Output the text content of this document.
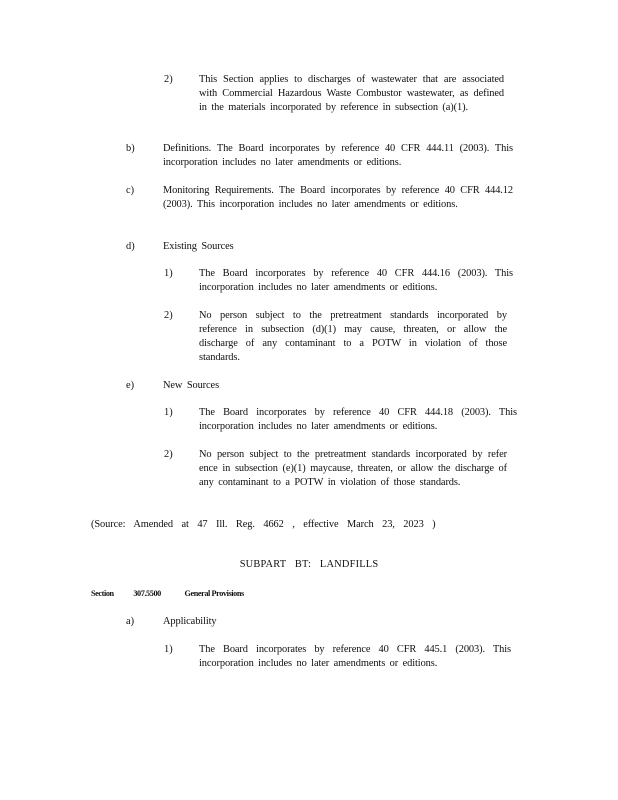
2)	This Section applies to discharges of wastewater that are associated with Commercial Hazardous Waste Combustor wastewater, as defined in the materials incorporated by reference in subsection (a)(1).
b)	Definitions. The Board incorporates by reference 40 CFR 444.11 (2003). This incorporation includes no later amendments or editions.
c)	Monitoring Requirements. The Board incorporates by reference 40 CFR 444.12 (2003). This incorporation includes no later amendments or editions.
d)	Existing Sources
1)	The Board incorporates by reference 40 CFR 444.16 (2003). This incorporation includes no later amendments or editions.
2)	No person subject to the pretreatment standards incorporated by reference in subsection (d)(1) may cause, threaten, or allow the discharge of any contaminant to a POTW in violation of those standards.
e)	New Sources
1)	The Board incorporates by reference 40 CFR 444.18 (2003). This incorporation includes no later amendments or editions.
2)	No person subject to the pretreatment standards incorporated by refer ence in subsection (e)(1) maycause, threaten, or allow the discharge of any contaminant to a POTW in violation of those standards.
(Source: Amended at 47 Ill. Reg. 4662 , effective March 23, 2023 )
SUBPART BT: LANDFILLS
Section 307.5500	General Provisions
a)	Applicability
1)	The Board incorporates by reference 40 CFR 445.1 (2003). This incorporation includes no later amendments or editions.
